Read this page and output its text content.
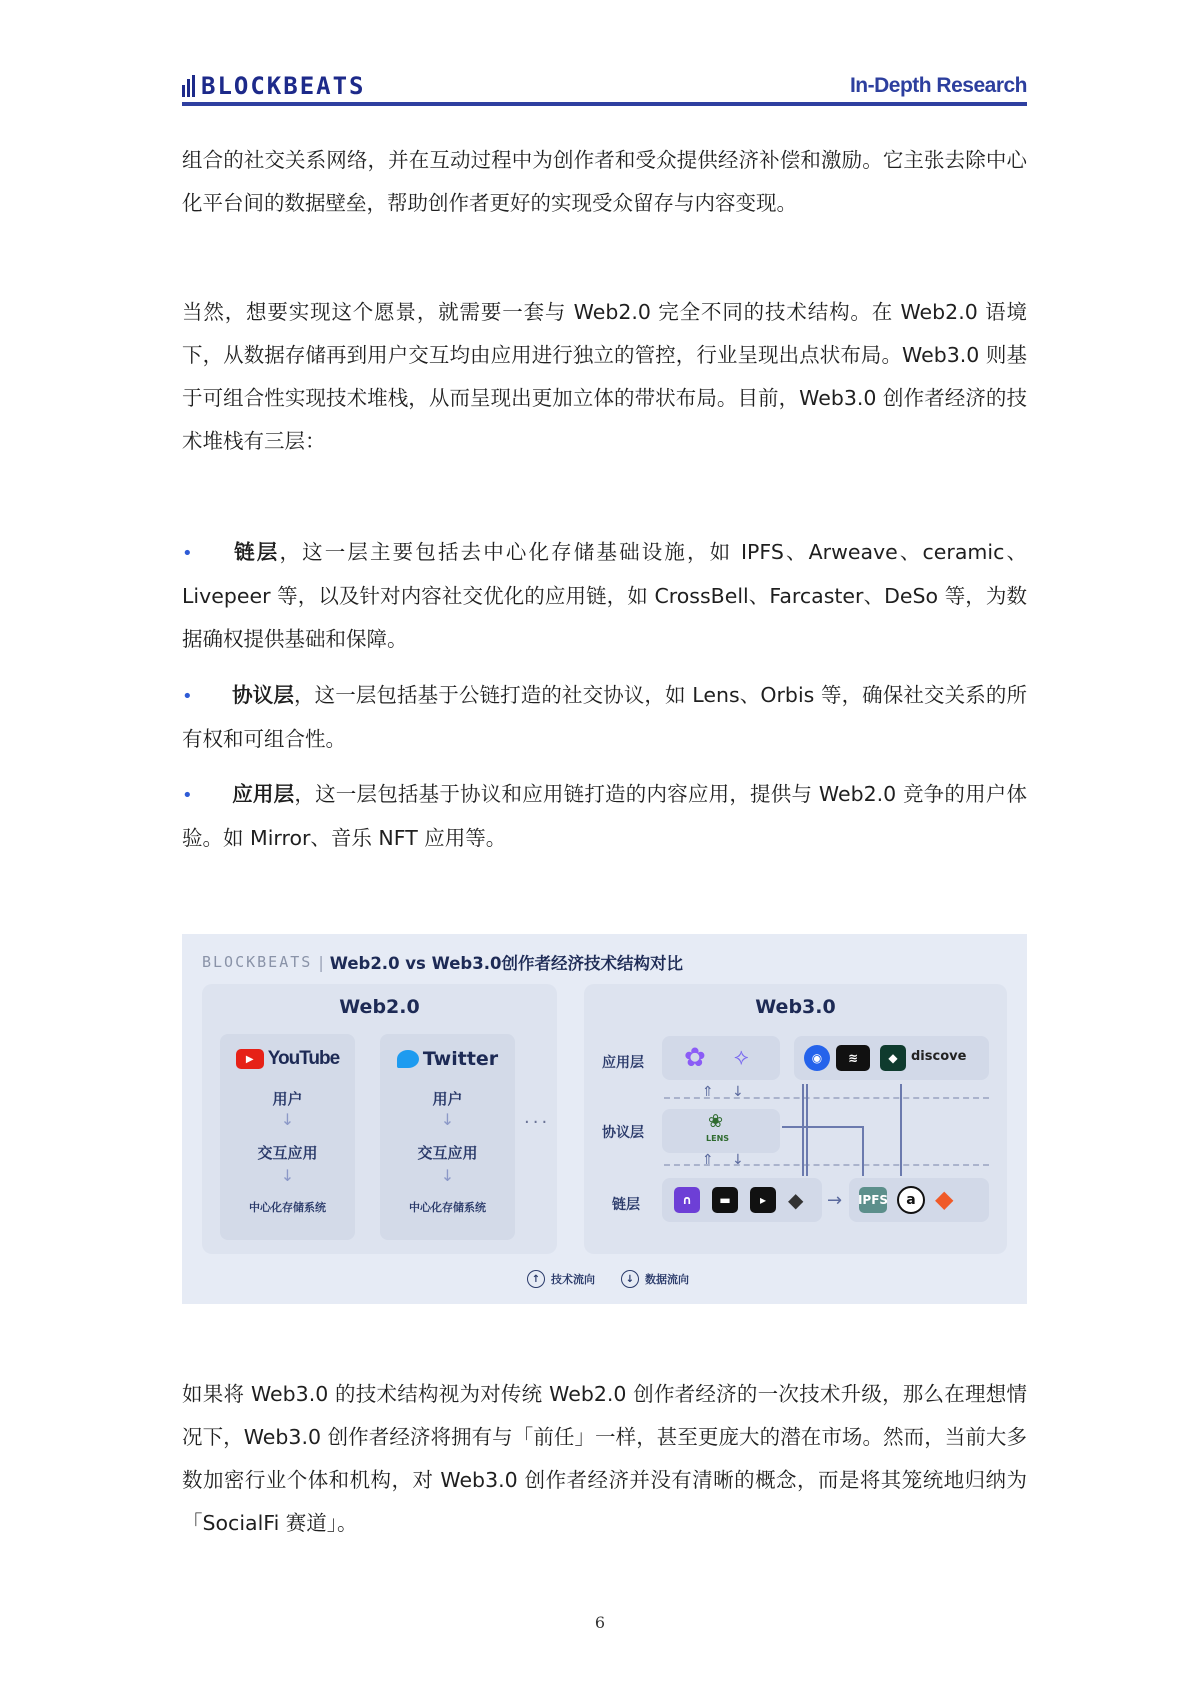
BLOCKBEATS	In-Depth Research

组合的社交关系网络，并在互动过程中为创作者和受众提供经济补偿和激励。它主张去除中心化平台间的数据壁垒，帮助创作者更好的实现受众留存与内容变现。

当然，想要实现这个愿景，就需要一套与 Web2.0 完全不同的技术结构。在 Web2.0 语境下，从数据存储再到用户交互均由应用进行独立的管控，行业呈现出点状布局。Web3.0 则基于可组合性实现技术堆栈，从而呈现出更加立体的带状布局。目前，Web3.0 创作者经济的技术堆栈有三层：

• 链层，这一层主要包括去中心化存储基础设施，如 IPFS、Arweave、ceramic、Livepeer 等，以及针对内容社交优化的应用链，如 CrossBell、Farcaster、DeSo 等，为数据确权提供基础和保障。
• 协议层，这一层包括基于公链打造的社交协议，如 Lens、Orbis 等，确保社交关系的所有权和可组合性。
• 应用层，这一层包括基于协议和应用链打造的内容应用，提供与 Web2.0 竞争的用户体验。如 Mirror、音乐 NFT 应用等。
BLOCKBEATS | Web2.0 vs Web3.0创作者经济技术结构对比
Web2.0
▶ YouTube
用户
↓
交互应用
↓
中心化存储系统
Twitter
用户
↓
交互应用
↓
中心化存储系统
···
Web3.0
应用层
协议层
链层
✿ ⟡	◉	≋	◆	discove
❀
LENS
∩	▬	▸	◆ → IPFS a ◆
⇑ ↓
⇑ ↓
↑ 技术流向	↓ 数据流向

如果将 Web3.0 的技术结构视为对传统 Web2.0 创作者经济的一次技术升级，那么在理想情况下，Web3.0 创作者经济将拥有与「前任」一样，甚至更庞大的潜在市场。然而，当前大多数加密行业个体和机构，对 Web3.0 创作者经济并没有清晰的概念，而是将其笼统地归纳为「SocialFi 赛道」。

6
